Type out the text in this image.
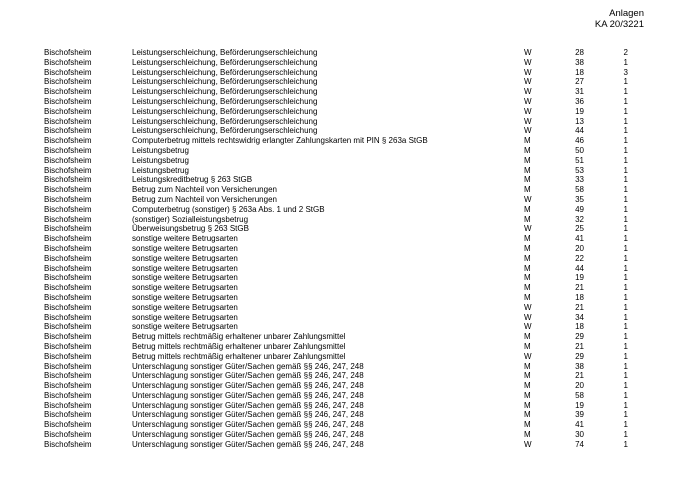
Anlagen
KA 20/3221
Bischofsheim	Leistungserschleichung, Beförderungserschleichung	W	28	2
Bischofsheim	Leistungserschleichung, Beförderungserschleichung	W	38	1
Bischofsheim	Leistungserschleichung, Beförderungserschleichung	W	18	3
Bischofsheim	Leistungserschleichung, Beförderungserschleichung	W	27	1
Bischofsheim	Leistungserschleichung, Beförderungserschleichung	W	31	1
Bischofsheim	Leistungserschleichung, Beförderungserschleichung	W	36	1
Bischofsheim	Leistungserschleichung, Beförderungserschleichung	W	19	1
Bischofsheim	Leistungserschleichung, Beförderungserschleichung	W	13	1
Bischofsheim	Leistungserschleichung, Beförderungserschleichung	W	44	1
Bischofsheim	Computerbetrug mittels rechtswidrig erlangter Zahlungskarten mit PIN § 263a StGB	M	46	1
Bischofsheim	Leistungsbetrug	M	50	1
Bischofsheim	Leistungsbetrug	M	51	1
Bischofsheim	Leistungsbetrug	M	53	1
Bischofsheim	Leistungskreditbetrug § 263 StGB	M	33	1
Bischofsheim	Betrug zum Nachteil von Versicherungen	M	58	1
Bischofsheim	Betrug zum Nachteil von Versicherungen	W	35	1
Bischofsheim	Computerbetrug (sonstiger) § 263a Abs. 1 und 2 StGB	M	49	1
Bischofsheim	(sonstiger) Sozialleistungsbetrug	M	32	1
Bischofsheim	Überweisungsbetrug § 263 StGB	W	25	1
Bischofsheim	sonstige weitere Betrugsarten	M	41	1
Bischofsheim	sonstige weitere Betrugsarten	M	20	1
Bischofsheim	sonstige weitere Betrugsarten	M	22	1
Bischofsheim	sonstige weitere Betrugsarten	M	44	1
Bischofsheim	sonstige weitere Betrugsarten	M	19	1
Bischofsheim	sonstige weitere Betrugsarten	M	21	1
Bischofsheim	sonstige weitere Betrugsarten	M	18	1
Bischofsheim	sonstige weitere Betrugsarten	W	21	1
Bischofsheim	sonstige weitere Betrugsarten	W	34	1
Bischofsheim	sonstige weitere Betrugsarten	W	18	1
Bischofsheim	Betrug mittels rechtmäßig erhaltener unbarer Zahlungsmittel	M	29	1
Bischofsheim	Betrug mittels rechtmäßig erhaltener unbarer Zahlungsmittel	M	21	1
Bischofsheim	Betrug mittels rechtmäßig erhaltener unbarer Zahlungsmittel	W	29	1
Bischofsheim	Unterschlagung sonstiger Güter/Sachen gemäß §§ 246, 247, 248	M	38	1
Bischofsheim	Unterschlagung sonstiger Güter/Sachen gemäß §§ 246, 247, 248	M	21	1
Bischofsheim	Unterschlagung sonstiger Güter/Sachen gemäß §§ 246, 247, 248	M	20	1
Bischofsheim	Unterschlagung sonstiger Güter/Sachen gemäß §§ 246, 247, 248	M	58	1
Bischofsheim	Unterschlagung sonstiger Güter/Sachen gemäß §§ 246, 247, 248	M	19	1
Bischofsheim	Unterschlagung sonstiger Güter/Sachen gemäß §§ 246, 247, 248	M	39	1
Bischofsheim	Unterschlagung sonstiger Güter/Sachen gemäß §§ 246, 247, 248	M	41	1
Bischofsheim	Unterschlagung sonstiger Güter/Sachen gemäß §§ 246, 247, 248	M	30	1
Bischofsheim	Unterschlagung sonstiger Güter/Sachen gemäß §§ 246, 247, 248	W	74	1
